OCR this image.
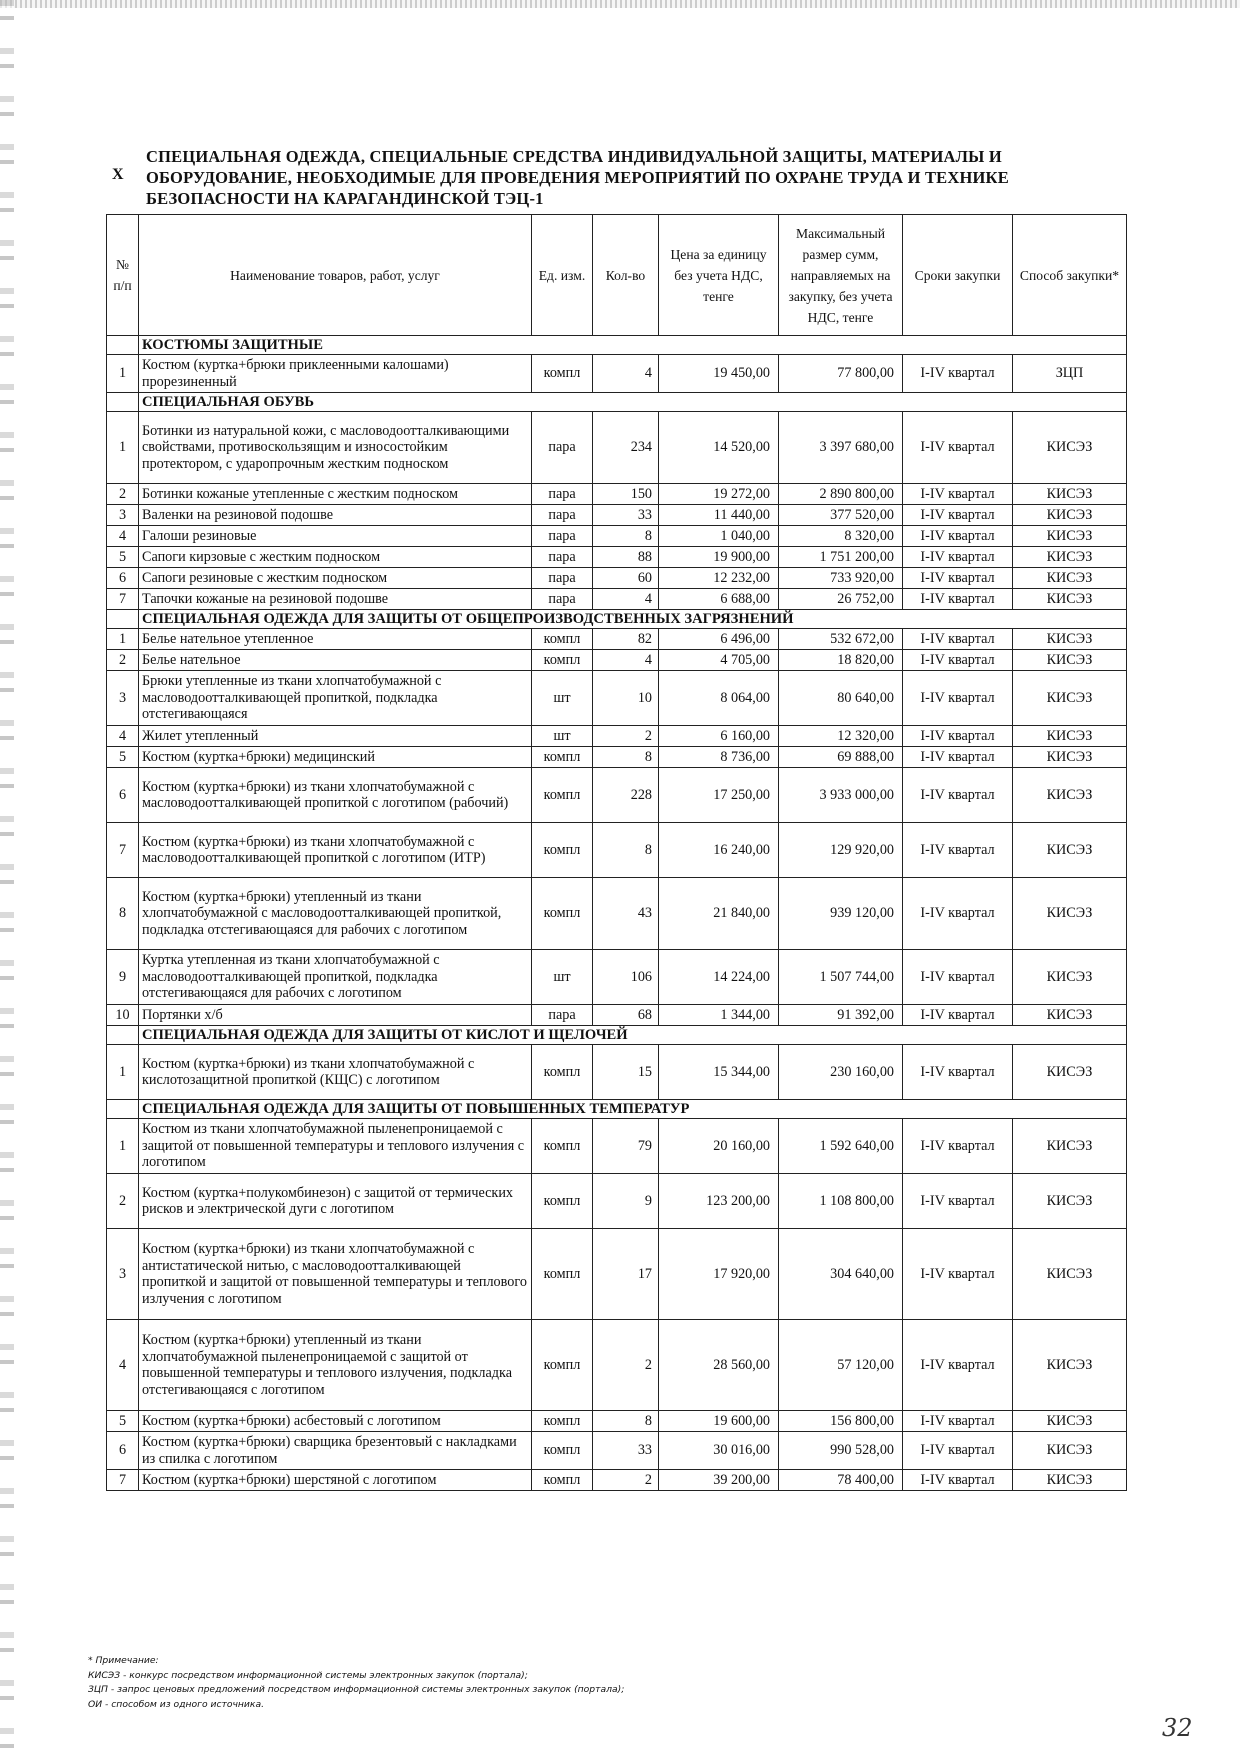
Х
СПЕЦИАЛЬНАЯ ОДЕЖДА, СПЕЦИАЛЬНЫЕ СРЕДСТВА ИНДИВИДУАЛЬНОЙ ЗАЩИТЫ, МАТЕРИАЛЫ И ОБОРУДОВАНИЕ, НЕОБХОДИМЫЕ ДЛЯ ПРОВЕДЕНИЯ МЕРОПРИЯТИЙ ПО ОХРАНЕ ТРУДА И ТЕХНИКЕ БЕЗОПАСНОСТИ НА КАРАГАНДИНСКОЙ ТЭЦ-1
№ п/п	Наименование товаров, работ, услуг	Ед. изм.	Кол-во	Цена за единицу без учета НДС, тенге	Максимальный размер сумм, направляемых на закупку, без учета НДС, тенге	Сроки закупки	Способ закупки*
	КОСТЮМЫ ЗАЩИТНЫЕ						
1	Костюм (куртка+брюки приклеенными калошами) прорезиненный	компл	4	19 450,00	77 800,00	I-IV квартал	ЗЦП
	СПЕЦИАЛЬНАЯ ОБУВЬ						
1	Ботинки из натуральной кожи, с масловодоотталкивающими свойствами, противоскользящим и износостойким протектором, с ударопрочным жестким подноском	пара	234	14 520,00	3 397 680,00	I-IV квартал	КИСЭЗ
2	Ботинки кожаные утепленные с жестким подноском	пара	150	19 272,00	2 890 800,00	I-IV квартал	КИСЭЗ
3	Валенки на резиновой подошве	пара	33	11 440,00	377 520,00	I-IV квартал	КИСЭЗ
4	Галоши резиновые	пара	8	1 040,00	8 320,00	I-IV квартал	КИСЭЗ
5	Сапоги кирзовые с жестким подноском	пара	88	19 900,00	1 751 200,00	I-IV квартал	КИСЭЗ
6	Сапоги резиновые с жестким подноском	пара	60	12 232,00	733 920,00	I-IV квартал	КИСЭЗ
7	Тапочки кожаные на резиновой подошве	пара	4	6 688,00	26 752,00	I-IV квартал	КИСЭЗ
	СПЕЦИАЛЬНАЯ ОДЕЖДА ДЛЯ ЗАЩИТЫ ОТ ОБЩЕПРОИЗВОДСТВЕННЫХ ЗАГРЯЗНЕНИЙ						
1	Белье нательное утепленное	компл	82	6 496,00	532 672,00	I-IV квартал	КИСЭЗ
2	Белье нательное	компл	4	4 705,00	18 820,00	I-IV квартал	КИСЭЗ
3	Брюки утепленные из ткани хлопчатобумажной с масловодоотталкивающей пропиткой, подкладка отстегивающаяся	шт	10	8 064,00	80 640,00	I-IV квартал	КИСЭЗ
4	Жилет утепленный	шт	2	6 160,00	12 320,00	I-IV квартал	КИСЭЗ
5	Костюм (куртка+брюки) медицинский	компл	8	8 736,00	69 888,00	I-IV квартал	КИСЭЗ
6	Костюм (куртка+брюки) из ткани хлопчатобумажной с масловодоотталкивающей пропиткой с логотипом (рабочий)	компл	228	17 250,00	3 933 000,00	I-IV квартал	КИСЭЗ
7	Костюм (куртка+брюки) из ткани хлопчатобумажной с масловодоотталкивающей пропиткой с логотипом (ИТР)	компл	8	16 240,00	129 920,00	I-IV квартал	КИСЭЗ
8	Костюм (куртка+брюки) утепленный из ткани хлопчатобумажной с масловодоотталкивающей пропиткой, подкладка отстегивающаяся для рабочих с логотипом	компл	43	21 840,00	939 120,00	I-IV квартал	КИСЭЗ
9	Куртка утепленная из ткани хлопчатобумажной с масловодоотталкивающей пропиткой, подкладка отстегивающаяся для рабочих с логотипом	шт	106	14 224,00	1 507 744,00	I-IV квартал	КИСЭЗ
10	Портянки х/б	пара	68	1 344,00	91 392,00	I-IV квартал	КИСЭЗ
	СПЕЦИАЛЬНАЯ ОДЕЖДА ДЛЯ ЗАЩИТЫ ОТ КИСЛОТ И ЩЕЛОЧЕЙ						
1	Костюм (куртка+брюки) из ткани хлопчатобумажной с кислотозащитной пропиткой (КЩС) с логотипом	компл	15	15 344,00	230 160,00	I-IV квартал	КИСЭЗ
	СПЕЦИАЛЬНАЯ ОДЕЖДА ДЛЯ ЗАЩИТЫ ОТ ПОВЫШЕННЫХ ТЕМПЕРАТУР						
1	Костюм из ткани хлопчатобумажной пыленепроницаемой с защитой от повышенной температуры и теплового излучения с логотипом	компл	79	20 160,00	1 592 640,00	I-IV квартал	КИСЭЗ
2	Костюм (куртка+полукомбинезон) с защитой от термических рисков и электрической дуги с логотипом	компл	9	123 200,00	1 108 800,00	I-IV квартал	КИСЭЗ
3	Костюм (куртка+брюки) из ткани хлопчатобумажной с антистатической нитью, с масловодоотталкивающей пропиткой и защитой от повышенной температуры и теплового излучения с логотипом	компл	17	17 920,00	304 640,00	I-IV квартал	КИСЭЗ
4	Костюм (куртка+брюки) утепленный из ткани хлопчатобумажной пыленепроницаемой с защитой от повышенной температуры и теплового излучения, подкладка отстегивающаяся с логотипом	компл	2	28 560,00	57 120,00	I-IV квартал	КИСЭЗ
5	Костюм (куртка+брюки) асбестовый с логотипом	компл	8	19 600,00	156 800,00	I-IV квартал	КИСЭЗ
6	Костюм (куртка+брюки) сварщика брезентовый с накладками из спилка с логотипом	компл	33	30 016,00	990 528,00	I-IV квартал	КИСЭЗ
7	Костюм (куртка+брюки) шерстяной с логотипом	компл	2	39 200,00	78 400,00	I-IV квартал	КИСЭЗ
* Примечание:
КИСЭЗ - конкурс посредством информационной системы электронных закупок (портала);
ЗЦП - запрос ценовых предложений посредством информационной системы электронных закупок (портала);
ОИ - способом из одного источника.
32
